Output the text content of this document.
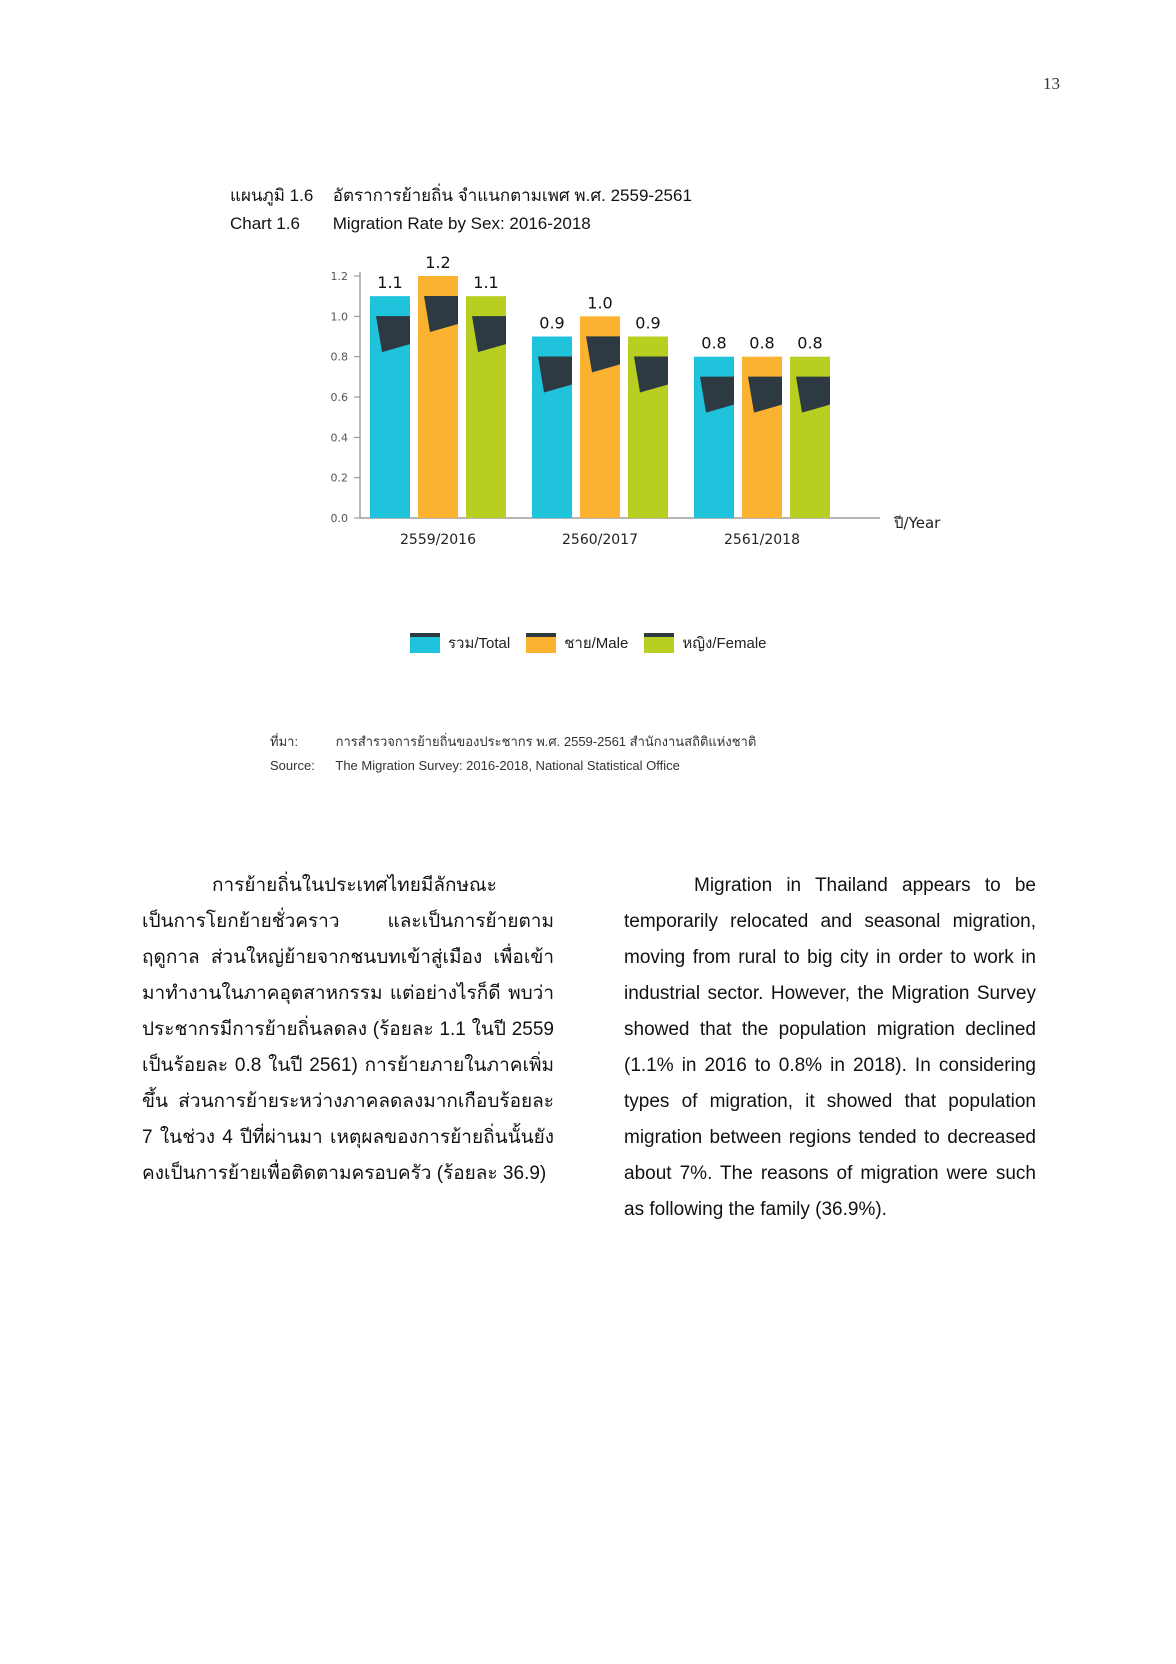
13
แผนภูมิ 1.6 อัตราการย้ายถิ่น จำแนกตามเพศ พ.ศ. 2559-2561
Chart 1.6 Migration Rate by Sex: 2016-2018
0.0
0.2
0.4
0.6
0.8
1.0
1.2 1.1
1.2
1.1
2559/2016
0.9
1.0
0.9
2560/2017
0.8 0.8 0.8
2561/2018
ปี/Year
รวม/Total	ชาย/Male	หญิง/Female
ที่มา:	การสำรวจการย้ายถิ่นของประชากร พ.ศ. 2559-2561 สำนักงานสถิติแห่งชาติ
Source: The Migration Survey: 2016-2018, National Statistical Office

การย้ายถิ่นในประเทศไทยมีลักษณะเป็นการโยกย้ายชั่วคราว และเป็นการย้ายตามฤดูกาล ส่วนใหญ่ย้ายจากชนบทเข้าสู่เมือง เพื่อเข้ามาทำงานในภาคอุตสาหกรรม แต่อย่างไรก็ดี พบว่าประชากรมีการย้ายถิ่นลดลง (ร้อยละ 1.1 ในปี 2559 เป็นร้อยละ 0.8 ในปี 2561) การย้ายภายในภาคเพิ่มขึ้น ส่วนการย้ายระหว่างภาคลดลงมากเกือบร้อยละ 7 ในช่วง 4 ปีที่ผ่านมา เหตุผลของการย้ายถิ่นนั้นยังคงเป็นการย้ายเพื่อติดตามครอบครัว (ร้อยละ 36.9)

Migration in Thailand appears to be temporarily relocated and seasonal migration, moving from rural to big city in order to work in industrial sector. However, the Migration Survey showed that the population migration declined (1.1% in 2016 to 0.8% in 2018). In considering types of migration, it showed that population migration between regions tended to decreased about 7%. The reasons of migration were such as following the family (36.9%).
